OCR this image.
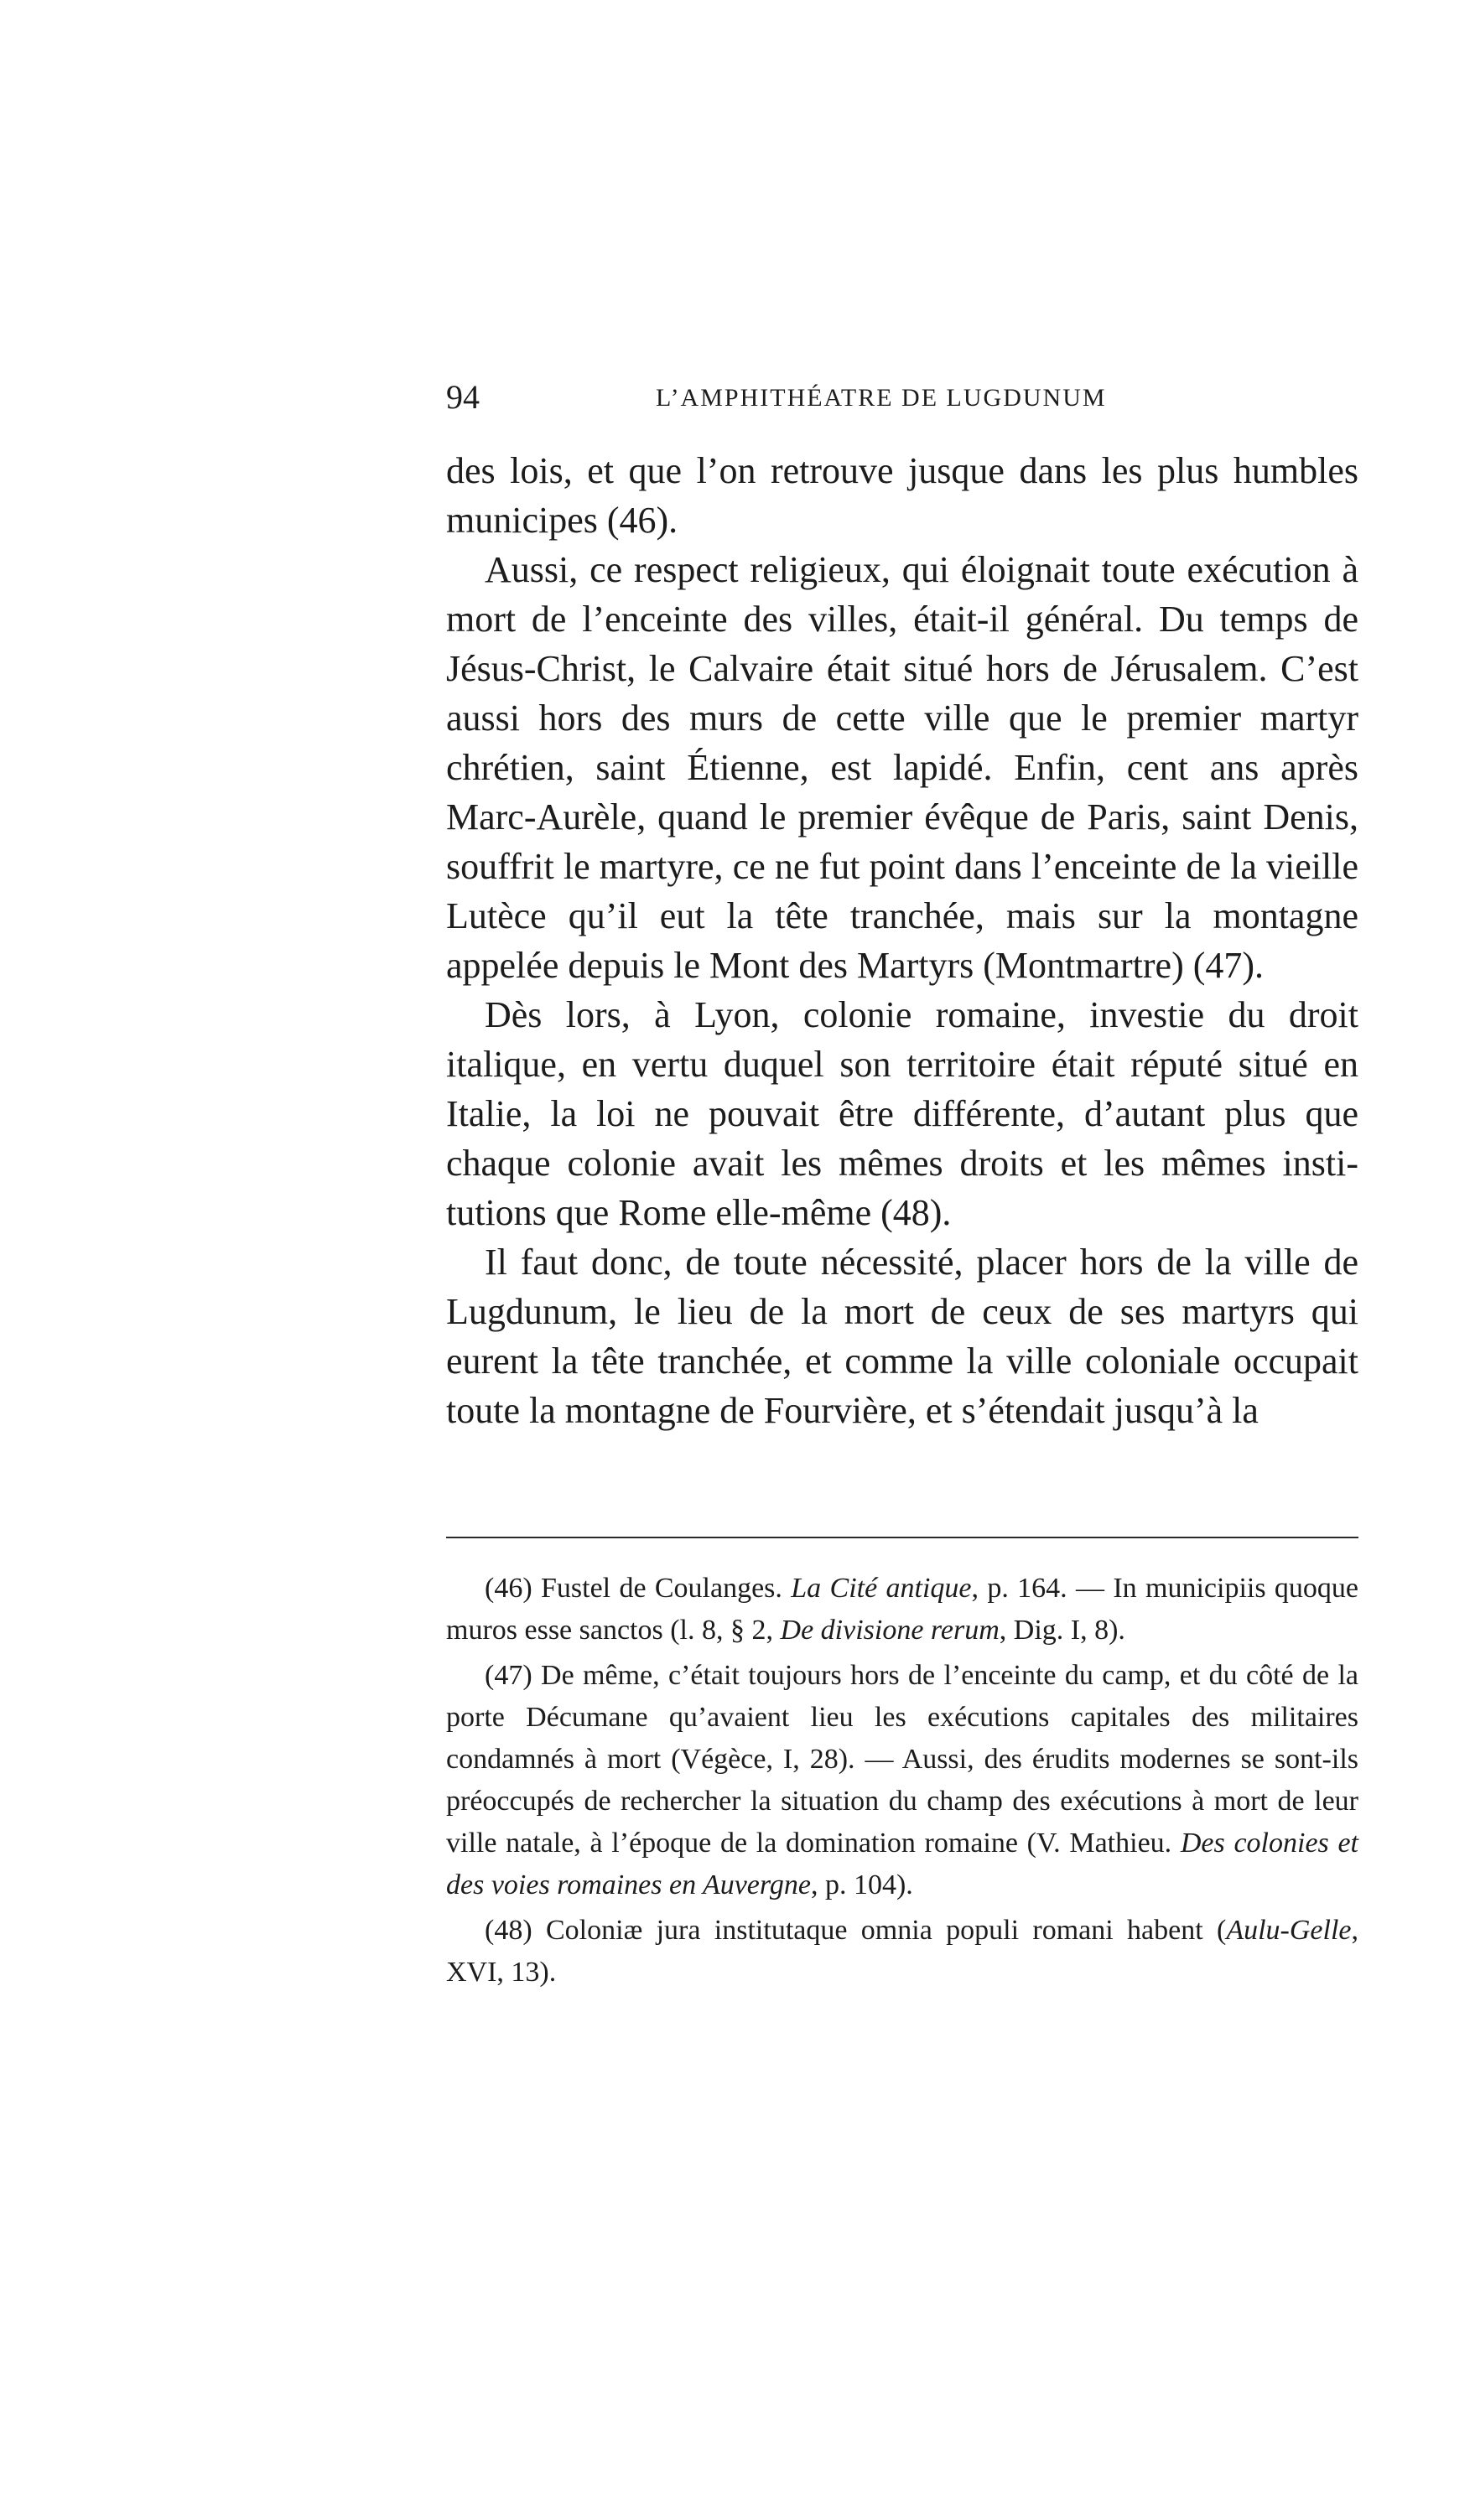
94	L’AMPHITHÉATRE DE LUGDUNUM

des lois, et que l’on retrouve jusque dans les plus humbles municipes (46).

Aussi, ce respect religieux, qui éloignait toute exécution à mort de l’enceinte des villes, était-il général. Du temps de Jésus-Christ, le Calvaire était situé hors de Jérusalem. C’est aussi hors des murs de cette ville que le premier martyr chrétien, saint Étienne, est lapidé. Enfin, cent ans après Marc-Aurèle, quand le premier évêque de Paris, saint Denis, souffrit le martyre, ce ne fut point dans l’enceinte de la vieille Lutèce qu’il eut la tête tranchée, mais sur la montagne appelée depuis le Mont des Martyrs (Montmartre) (47).

Dès lors, à Lyon, colonie romaine, investie du droit italique, en vertu duquel son territoire était réputé situé en Italie, la loi ne pouvait être différente, d’autant plus que chaque colonie avait les mêmes droits et les mêmes institutions que Rome elle-même (48).

Il faut donc, de toute nécessité, placer hors de la ville de Lugdunum, le lieu de la mort de ceux de ses martyrs qui eurent la tête tranchée, et comme la ville coloniale occupait toute la montagne de Fourvière, et s’étendait jusqu’à la

(46) Fustel de Coulanges. La Cité antique, p. 164. — In municipiis quoque muros esse sanctos (l. 8, § 2, De divisione rerum, Dig. I, 8).

(47) De même, c’était toujours hors de l’enceinte du camp, et du côté de la porte Décumane qu’avaient lieu les exécutions capitales des militaires condamnés à mort (Végèce, I, 28). — Aussi, des érudits modernes se sont-ils préoccupés de rechercher la situation du champ des exécutions à mort de leur ville natale, à l’époque de la domination romaine (V. Mathieu. Des colonies et des voies romaines en Auvergne, p. 104).

(48) Coloniæ jura institutaque omnia populi romani habent (Aulu-Gelle, XVI, 13).
